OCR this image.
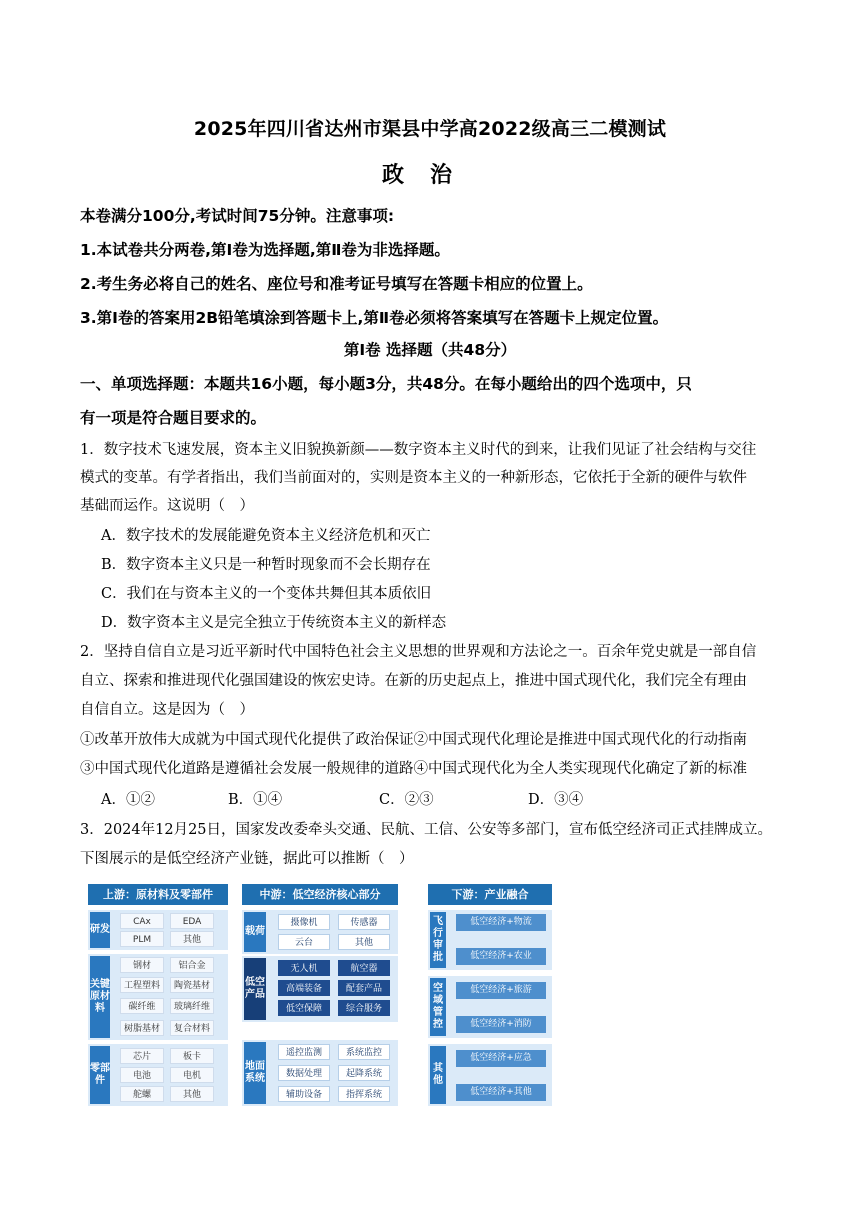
2025年四川省达州市渠县中学高2022级高三二模测试
政治
本卷满分100分,考试时间75分钟。注意事项:
1.本试卷共分两卷,第Ⅰ卷为选择题,第Ⅱ卷为非选择题。
2.考生务必将自己的姓名、座位号和准考证号填写在答题卡相应的位置上。
3.第Ⅰ卷的答案用2B铅笔填涂到答题卡上,第Ⅱ卷必须将答案填写在答题卡上规定位置。
第Ⅰ卷 选择题（共48分）
一、单项选择题：本题共16小题，每小题3分，共48分。在每小题给出的四个选项中，只
有一项是符合题目要求的。
1．数字技术飞速发展，资本主义旧貌换新颜——数字资本主义时代的到来，让我们见证了社会结构与交往
模式的变革。有学者指出，我们当前面对的，实则是资本主义的一种新形态，它依托于全新的硬件与软件
基础而运作。这说明（　）
A．数字技术的发展能避免资本主义经济危机和灭亡
B．数字资本主义只是一种暂时现象而不会长期存在
C．我们在与资本主义的一个变体共舞但其本质依旧
D．数字资本主义是完全独立于传统资本主义的新样态
2．坚持自信自立是习近平新时代中国特色社会主义思想的世界观和方法论之一。百余年党史就是一部自信
自立、探索和推进现代化强国建设的恢宏史诗。在新的历史起点上，推进中国式现代化，我们完全有理由
自信自立。这是因为（　）
①改革开放伟大成就为中国式现代化提供了政治保证②中国式现代化理论是推进中国式现代化的行动指南
③中国式现代化道路是遵循社会发展一般规律的道路④中国式现代化为全人类实现现代化确定了新的标准
A．①②	B．①④	C．②③	D．③④
3．2024年12月25日，国家发改委牵头交通、民航、工信、公安等多部门，宣布低空经济司正式挂牌成立。
下图展示的是低空经济产业链，据此可以推断（　）
上游：原材料及零部件
研发
CAx	EDA
PLM	其他
关键原材料
钢材	铝合金
工程塑料	陶瓷基材
碳纤维	玻璃纤维
树脂基材	复合材料
零部件
芯片	板卡
电池	电机
舵螺	其他
中游：低空经济核心部分
载荷
摄像机	传感器
云台	其他
低空产品
无人机	航空器
高端装备	配套产品
低空保障	综合服务
地面系统
遥控监测	系统监控
数据处理	起降系统
辅助设备	指挥系统
下游：产业融合
飞行审批
低空经济+物流
低空经济+农业
空域管控
低空经济+旅游
低空经济+消防
其他
低空经济+应急
低空经济+其他
